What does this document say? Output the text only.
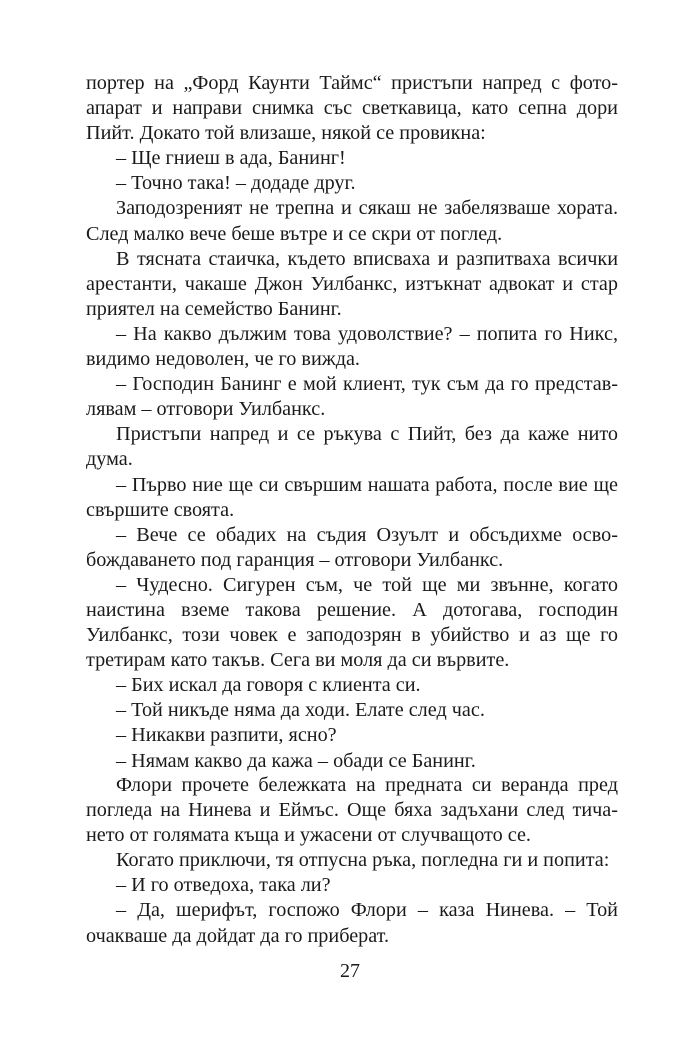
портер на „Форд Каунти Таймс“ пристъпи напред с фотоапарат и направи снимка със светкавица, като сепна дори Пийт. Докато той влизаше, някой се провикна:

– Ще гниеш в ада, Банинг!

– Точно така! – додаде друг.

Заподозреният не трепна и сякаш не забелязваше хората. След малко вече беше вътре и се скри от поглед.

В тясната стаичка, където вписваха и разпитваха всички арестанти, чакаше Джон Уилбанкс, изтъкнат адвокат и стар приятел на семейство Банинг.

– На какво дължим това удоволствие? – попита го Никс, видимо недоволен, че го вижда.

– Господин Банинг е мой клиент, тук съм да го представлявам – отговори Уилбанкс.

Пристъпи напред и се ръкува с Пийт, без да каже нито дума.

– Първо ние ще си свършим нашата работа, после вие ще свършите своята.

– Вече се обадих на съдия Озуълт и обсъдихме освобождаването под гаранция – отговори Уилбанкс.

– Чудесно. Сигурен съм, че той ще ми звънне, когато наистина вземе такова решение. А дотогава, господин Уилбанкс, този човек е заподозрян в убийство и аз ще го третирам като такъв. Сега ви моля да си вървите.

– Бих искал да говоря с клиента си.

– Той никъде няма да ходи. Елате след час.

– Никакви разпити, ясно?

– Нямам какво да кажа – обади се Банинг.

Флори прочете бележката на предната си веранда пред погледа на Нинева и Еймъс. Още бяха задъхани след тичането от голямата къща и ужасени от случващото се.

Когато приключи, тя отпусна ръка, погледна ги и попита:

– И го отведоха, така ли?

– Да, шерифът, госпожо Флори – каза Нинева. – Той очакваше да дойдат да го приберат.

27
